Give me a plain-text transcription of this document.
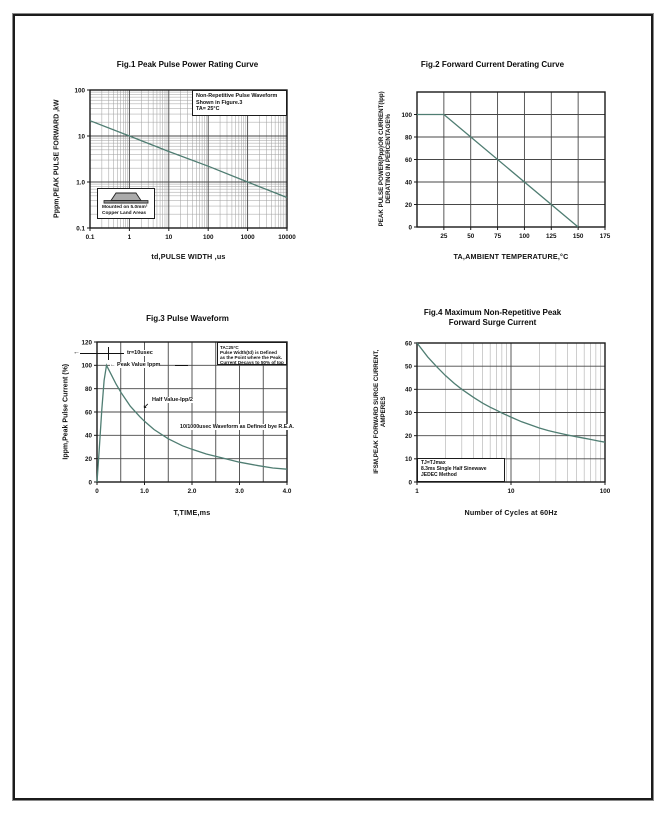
Fig.1 Peak Pulse Power Rating Curve
Pppm,PEAK PULSE FORWARD ,kW
0.1	1	10	100	1000	10000
100
10
1.0
0.1
td,PULSE WIDTH ,us
Non-Repetitive Pulse Waveform
Shown in Figure.3
TA= 25°C
Mounted on 5.0mm²
Copper Land Areas
Fig.2 Forward Current Derating Curve
PEAK PULSE POWER(Ppp)OR CURRENT(Ipp) DERATING IN PERCENTAGE%
25	50	75	100	125	150	175
0
20
40
60
80
100
TA,AMBIENT TEMPERATURE,°C
Fig.3 Pulse Waveform
Ippm,Peak Pulse Current (%)
0	1.0	2.0	3.0	4.0
0
20
40
60
80
100
120
T,TIME,ms
TA=25°C
Pulse Width(td) is Defined
as the Point where the Peak.
Current Decays to 50% of Ipp
←	tr=10usec
← Peak Value Ippm
Half Value-Ipp/2
↙
10/1000usec Waveform as Defined bye R.E.A.
Fig.4 Maximum Non-Repetitive Peak
Forward Surge Current
IFSM,PEAK FORWARD SURGE CURRENT, AMPERES
1	10	100
0
10
20
30
40
50
60
Number of Cycles at 60Hz
TJ=TJmax
8.3ms Single Half Sinewave
JEDEC Method
